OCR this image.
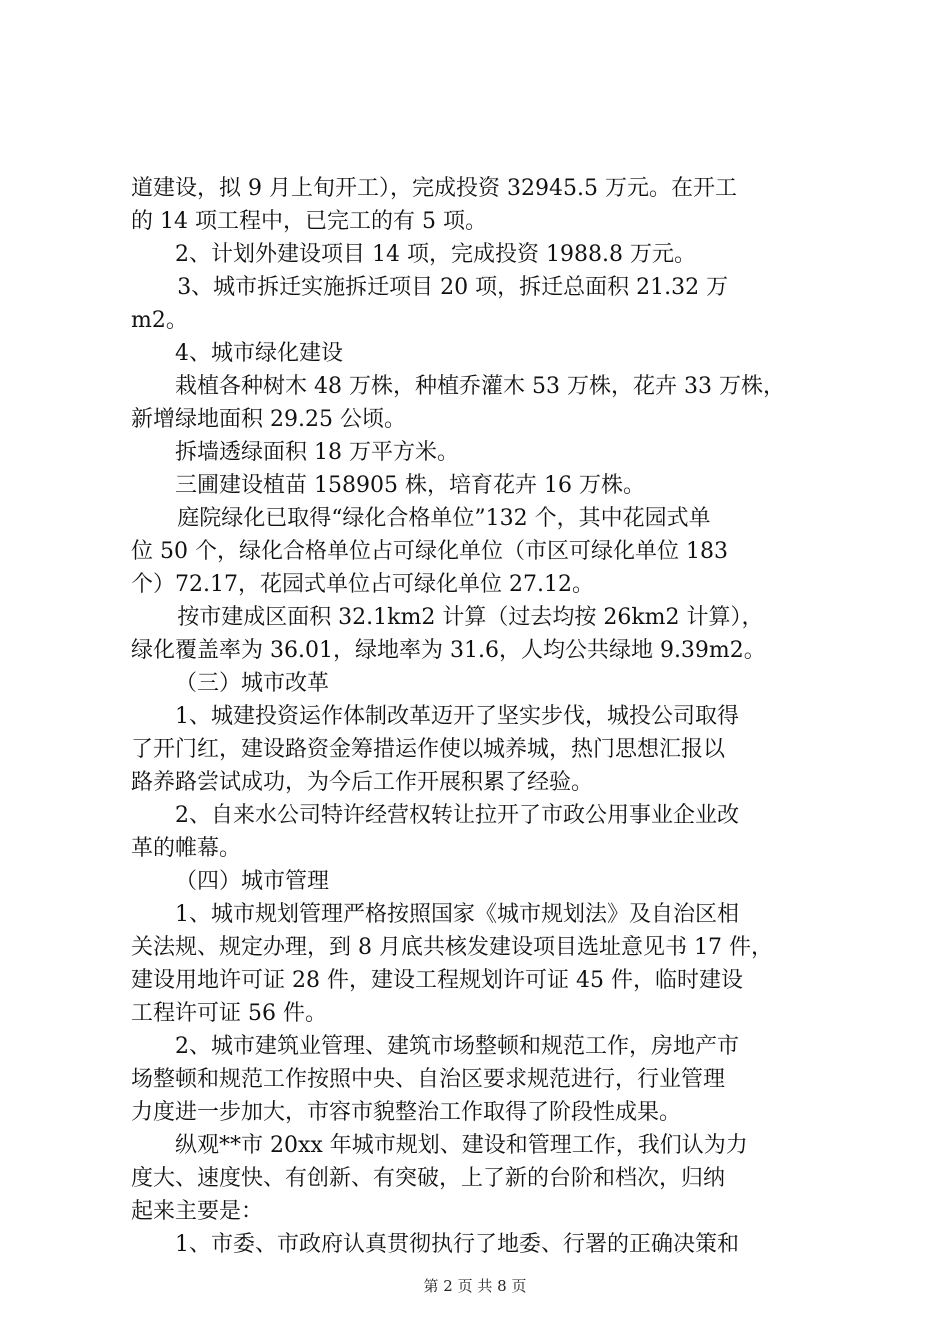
道建设，拟 9 月上旬开工），完成投资 32945.5 万元。在开工
的 14 项工程中，已完工的有 5 项。
2、计划外建设项目 14 项，完成投资 1988.8 万元。
3、城市拆迁实施拆迁项目 20 项，拆迁总面积 21.32 万
m2。
4、城市绿化建设
栽植各种树木 48 万株，种植乔灌木 53 万株，花卉 33 万株，
新增绿地面积 29.25 公顷。
拆墙透绿面积 18 万平方米。
三圃建设植苗 158905 株，培育花卉 16 万株。
庭院绿化已取得“绿化合格单位”132 个，其中花园式单
位 50 个，绿化合格单位占可绿化单位（市区可绿化单位 183
个）72.17，花园式单位占可绿化单位 27.12。
按市建成区面积 32.1km2 计算（过去均按 26km2 计算），
绿化覆盖率为 36.01，绿地率为 31.6，人均公共绿地 9.39m2。
（三）城市改革
1、城建投资运作体制改革迈开了坚实步伐，城投公司取得
了开门红，建设路资金筹措运作使以城养城，热门思想汇报以
路养路尝试成功，为今后工作开展积累了经验。
2、自来水公司特许经营权转让拉开了市政公用事业企业改
革的帷幕。
（四）城市管理
1、城市规划管理严格按照国家《城市规划法》及自治区相
关法规、规定办理，到 8 月底共核发建设项目选址意见书 17 件，
建设用地许可证 28 件，建设工程规划许可证 45 件，临时建设
工程许可证 56 件。
2、城市建筑业管理、建筑市场整顿和规范工作，房地产市
场整顿和规范工作按照中央、自治区要求规范进行，行业管理
力度进一步加大，市容市貌整治工作取得了阶段性成果。
纵观**市 20xx 年城市规划、建设和管理工作，我们认为力
度大、速度快、有创新、有突破，上了新的台阶和档次，归纳
起来主要是：
1、市委、市政府认真贯彻执行了地委、行署的正确决策和
第 2 页 共 8 页
